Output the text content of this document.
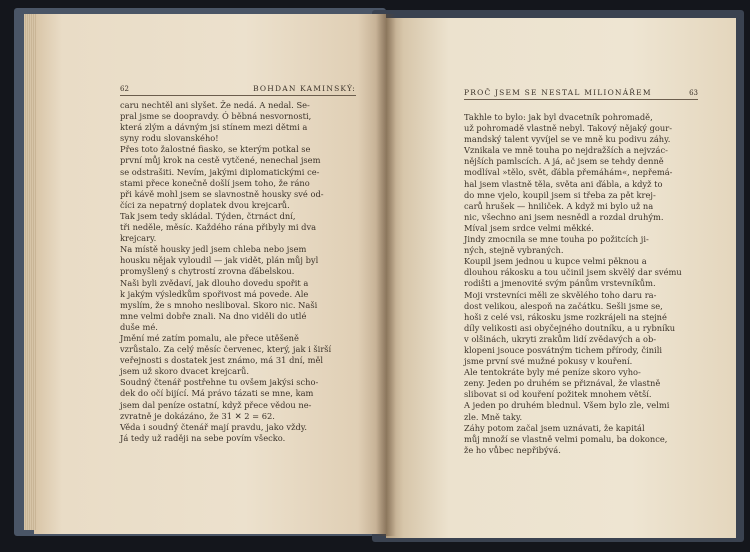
62	BOHDAN KAMINSKÝ:
caru nechtěl ani slyšet. Že nedá. A nedal. Se-
pral jsme se doopravdy. Ó běbná nesvornosti,
která zlým a dávným jsi stínem mezi dětmi a
syny rodu slovanského!
Přes toto žalostné fiasko, se kterým potkal se
první můj krok na cestě vytčené, nenechal jsem
se odstrašiti. Nevím, jakými diplomatickými ce-
stami přece konečně došlí jsem toho, že ráno
při kávě mohl jsem se slavnostně housky své od-
číci za nepatrný doplatek dvou krejcarů.
Tak jsem tedy skládal. Týden, čtrnáct dní,
tři neděle, měsíc. Každého rána přibyly mi dva
krejcary.
Na místě housky jedl jsem chleba nebo jsem
housku nějak vyloudil — jak vidět, plán můj byl
promyšlený s chytrostí zrovna ďábelskou.
Naši byli zvědaví, jak dlouho dovedu spořit a
k jakým výsledkům spořivost má povede. Ale
myslím, že s mnoho nesliboval. Skoro nic. Naši
mne velmi dobře znali. Na dno viděli do utlé
duše mé.
Jmění mé zatím pomalu, ale přece utěšeně
vzrůstalo. Za celý měsíc červenec, který, jak i širší
veřejnosti s dostatek jest známo, má 31 dní, měl
jsem už skoro dvacet krejcarů.
Soudný čtenář postřehne tu ovšem jakýsi scho-
dek do očí bijící. Má právo tázati se mne, kam
jsem dal peníze ostatní, když přece vědou ne-
zvratně je dokázáno, že 31 ✕ 2 = 62.
Věda i soudný čtenář mají pravdu, jako vždy.
Já tedy už raději na sebe povím všecko.
PROČ JSEM SE NESTAL MILIONÁŘEM	63
Takhle to bylo: jak byl dvacetník pohromadě,
už pohromadě vlastně nebyl. Takový nějaký gour-
mandský talent vyvíjel se ve mně ku podivu záhy.
Vznikala ve mně touha po nejdražších a nejvzác-
nějších pamlscích. A já, ač jsem se tehdy denně
modlíval »tělo, svět, ďábla přemáhám«, nepřemá-
hal jsem vlastně těla, světa ani ďábla, a když to
do mne vjelo, koupil jsem si třeba za pět krej-
carů hrušek — hniliček. A když mi bylo už na
nic, všechno ani jsem nesnědl a rozdal druhým.
Míval jsem srdce velmi měkké.
Jindy zmocnila se mne touha po požitcích ji-
ných, stejně vybraných.
Koupil jsem jednou u kupce velmi pěknou a
dlouhou rákosku a tou učinil jsem skvělý dar svému
rodišti a jmenovité svým pánům vrstevníkům.
Moji vrstevníci měli ze skvělého toho daru ra-
dost velikou, alespoň na začátku. Sešli jsme se,
hoši z celé vsi, rákosku jsme rozkrájeli na stejné
díly velikosti asi obyčejného doutníku, a u rybníku
v olšinách, ukryti zrakům lidí zvědavých a ob-
klopeni jsouce posvátným tichem přírody, činili
jsme první své mužné pokusy v kouření.
Ale tentokráte byly mé peníze skoro vyho-
zeny. Jeden po druhém se přiznával, že vlastně
slibovat si od kouření požitek mnohem větší.
A jeden po druhém blednul. Všem bylo zle, velmi
zle. Mně taky.
Záhy potom začal jsem uznávati, že kapitál
můj množí se vlastně velmi pomalu, ba dokonce,
že ho vůbec nepřibývá.
